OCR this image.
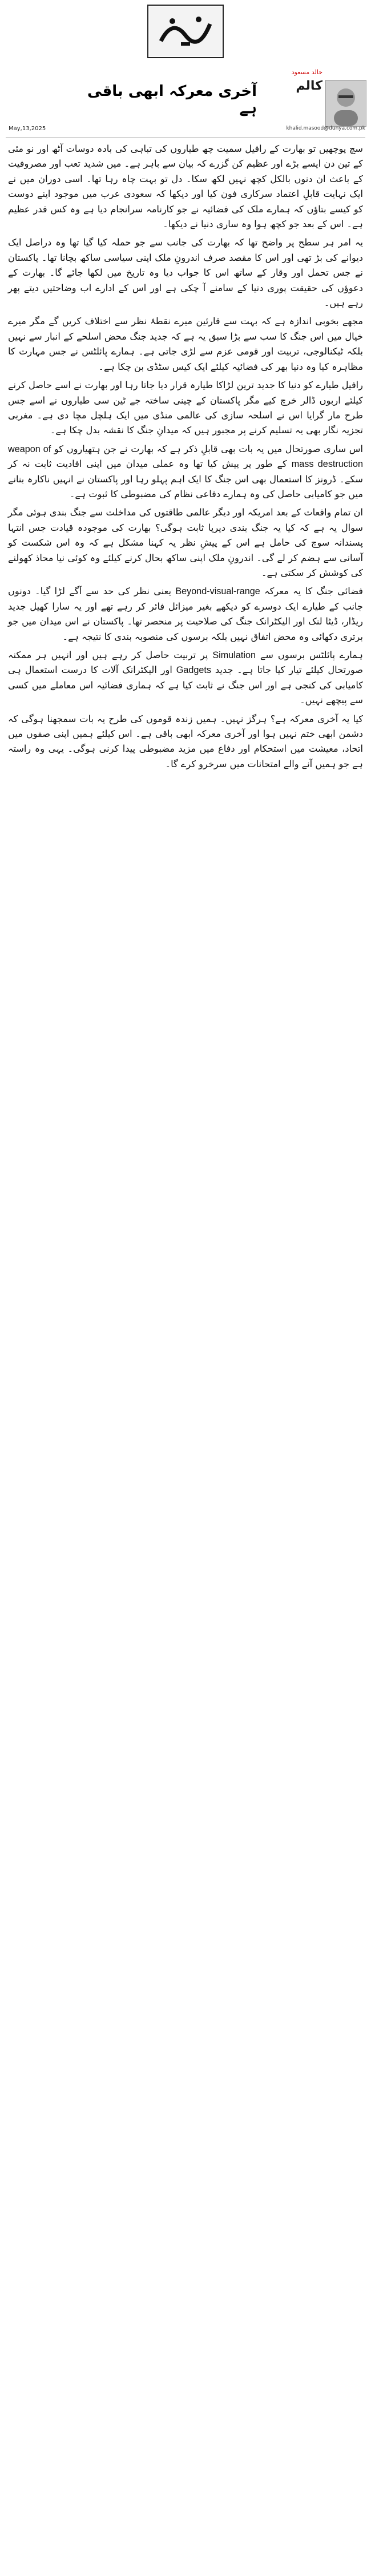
خالد مسعود
کالم
آخری معرکہ ابھی باقی ہے
May,13,2025	khalid.masood@dunya.com.pk

سچ پوچھیں تو بھارت کے رافیل سمیت چھ طیاروں کی تباہی کی بادہ دوسات آٹھ اور نو مئی کے تین دن ایسے بڑے اور عظیم کن گزرے کہ بیان سے باہر ہے۔ میں شدید تعب اور مصروفیت کے باعث ان دنوں بالکل کچھ نہیں لکھ سکا۔ دل تو بہت چاہ رہا تھا۔ اسی دوران میں نے ایک نہایت قابلِ اعتماد سرکاری فون کیا اور دیکھا کہ سعودی عرب میں موجود اپنے دوست کو کیسے بتاؤں کہ ہمارے ملک کی فضائیہ نے جو کارنامہ سرانجام دیا ہے وہ کس قدر عظیم ہے۔ اس کے بعد جو کچھ ہوا وہ ساری دنیا نے دیکھا۔

یہ امر ہر سطح پر واضح تھا کہ بھارت کی جانب سے جو حملہ کیا گیا تھا وہ دراصل ایک دیوانے کی بڑ تھی اور اس کا مقصد صرف اندرونِ ملک اپنی سیاسی ساکھ بچانا تھا۔ پاکستان نے جس تحمل اور وقار کے ساتھ اس کا جواب دیا وہ تاریخ میں لکھا جائے گا۔ بھارت کے دعوؤں کی حقیقت پوری دنیا کے سامنے آ چکی ہے اور اس کے ادارے اب وضاحتیں دیتے پھر رہے ہیں۔

مجھے بخوبی اندازہ ہے کہ بہت سے قارئین میرے نقطۂ نظر سے اختلاف کریں گے مگر میرے خیال میں اس جنگ کا سب سے بڑا سبق یہ ہے کہ جدید جنگ محض اسلحے کے انبار سے نہیں بلکہ ٹیکنالوجی، تربیت اور قومی عزم سے لڑی جاتی ہے۔ ہمارے پائلٹس نے جس مہارت کا مظاہرہ کیا وہ دنیا بھر کی فضائیہ کیلئے ایک کیس سٹڈی بن چکا ہے۔

رافیل طیارے کو دنیا کا جدید ترین لڑاکا طیارہ قرار دیا جاتا رہا اور بھارت نے اسے حاصل کرنے کیلئے اربوں ڈالر خرچ کیے مگر پاکستان کے چینی ساختہ جے ٹین سی طیاروں نے اسے جس طرح مار گرایا اس نے اسلحہ سازی کی عالمی منڈی میں ایک ہلچل مچا دی ہے۔ مغربی تجزیہ نگار بھی یہ تسلیم کرنے پر مجبور ہیں کہ میدانِ جنگ کا نقشہ بدل چکا ہے۔

اس ساری صورتحال میں یہ بات بھی قابلِ ذکر ہے کہ بھارت نے جن ہتھیاروں کو weapon of mass destruction کے طور پر پیش کیا تھا وہ عملی میدان میں اپنی افادیت ثابت نہ کر سکے۔ ڈرونز کا استعمال بھی اس جنگ کا ایک اہم پہلو رہا اور پاکستان نے انہیں ناکارہ بنانے میں جو کامیابی حاصل کی وہ ہمارے دفاعی نظام کی مضبوطی کا ثبوت ہے۔

ان تمام واقعات کے بعد امریکہ اور دیگر عالمی طاقتوں کی مداخلت سے جنگ بندی ہوئی مگر سوال یہ ہے کہ کیا یہ جنگ بندی دیرپا ثابت ہوگی؟ بھارت کی موجودہ قیادت جس انتہا پسندانہ سوچ کی حامل ہے اس کے پیشِ نظر یہ کہنا مشکل ہے کہ وہ اس شکست کو آسانی سے ہضم کر لے گی۔ اندرونِ ملک اپنی ساکھ بحال کرنے کیلئے وہ کوئی نیا محاذ کھولنے کی کوشش کر سکتی ہے۔

فضائی جنگ کا یہ معرکہ Beyond-visual-range یعنی نظر کی حد سے آگے لڑا گیا۔ دونوں جانب کے طیارے ایک دوسرے کو دیکھے بغیر میزائل فائر کر رہے تھے اور یہ سارا کھیل جدید ریڈار، ڈیٹا لنک اور الیکٹرانک جنگ کی صلاحیت پر منحصر تھا۔ پاکستان نے اس میدان میں جو برتری دکھائی وہ محض اتفاق نہیں بلکہ برسوں کی منصوبہ بندی کا نتیجہ ہے۔

ہمارے پائلٹس برسوں سے Simulation پر تربیت حاصل کر رہے ہیں اور انہیں ہر ممکنہ صورتحال کیلئے تیار کیا جاتا ہے۔ جدید Gadgets اور الیکٹرانک آلات کا درست استعمال ہی کامیابی کی کنجی ہے اور اس جنگ نے ثابت کیا ہے کہ ہماری فضائیہ اس معاملے میں کسی سے پیچھے نہیں۔

کیا یہ آخری معرکہ ہے؟ ہرگز نہیں۔ ہمیں زندہ قوموں کی طرح یہ بات سمجھنا ہوگی کہ دشمن ابھی ختم نہیں ہوا اور آخری معرکہ ابھی باقی ہے۔ اس کیلئے ہمیں اپنی صفوں میں اتحاد، معیشت میں استحکام اور دفاع میں مزید مضبوطی پیدا کرنی ہوگی۔ یہی وہ راستہ ہے جو ہمیں آنے والے امتحانات میں سرخرو کرے گا۔
